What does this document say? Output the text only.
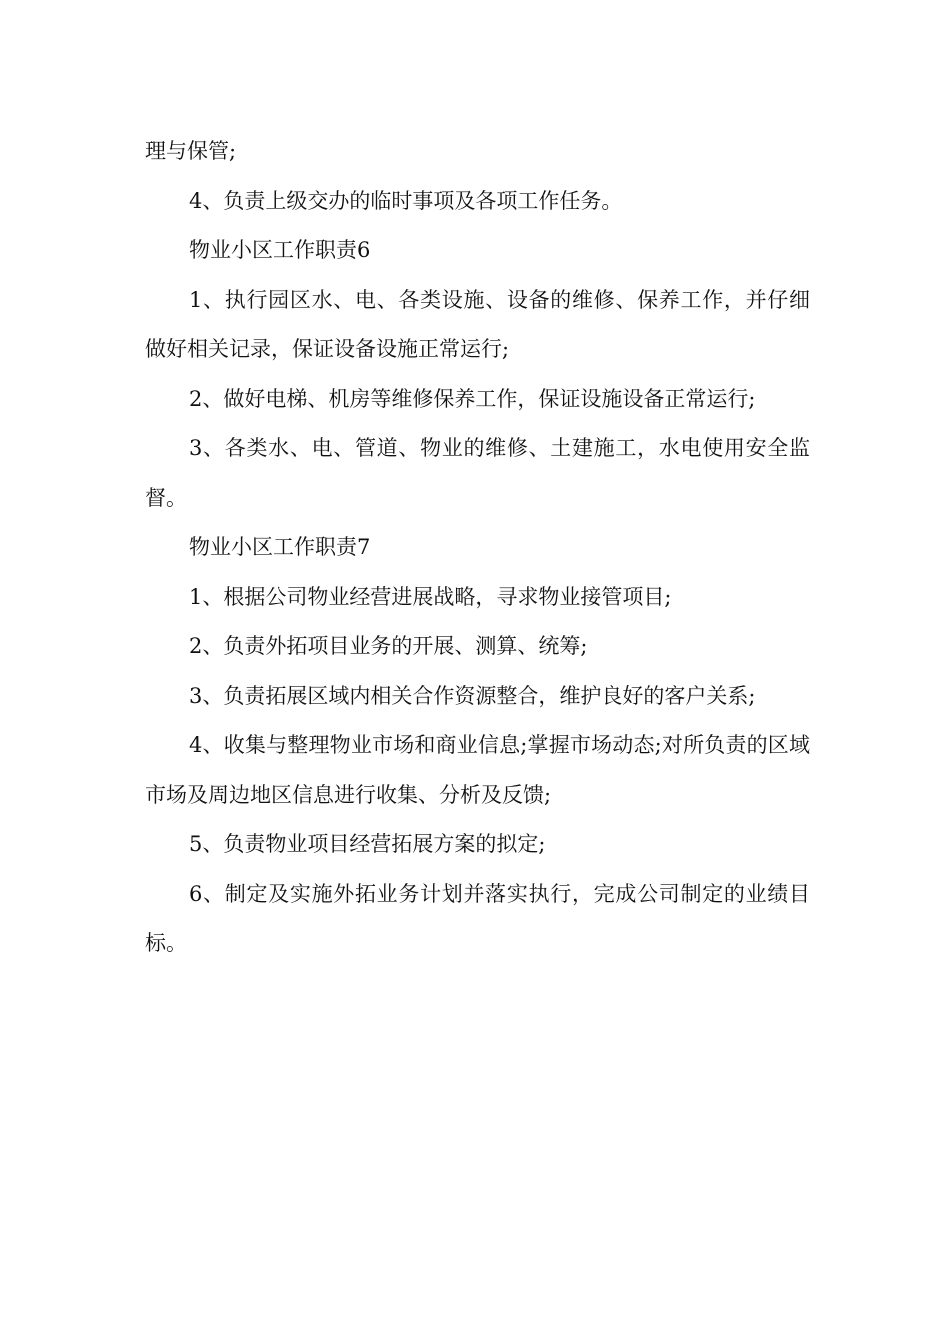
理与保管;

4、负责上级交办的临时事项及各项工作任务。

物业小区工作职责6

1、执行园区水、电、各类设施、设备的维修、保养工作，并仔细做好相关记录，保证设备设施正常运行;

2、做好电梯、机房等维修保养工作，保证设施设备正常运行;

3、各类水、电、管道、物业的维修、土建施工，水电使用安全监督。

物业小区工作职责7

1、根据公司物业经营进展战略，寻求物业接管项目;

2、负责外拓项目业务的开展、测算、统筹;

3、负责拓展区域内相关合作资源整合，维护良好的客户关系;

4、收集与整理物业市场和商业信息;掌握市场动态;对所负责的区域市场及周边地区信息进行收集、分析及反馈;

5、负责物业项目经营拓展方案的拟定;

6、制定及实施外拓业务计划并落实执行，完成公司制定的业绩目标。
